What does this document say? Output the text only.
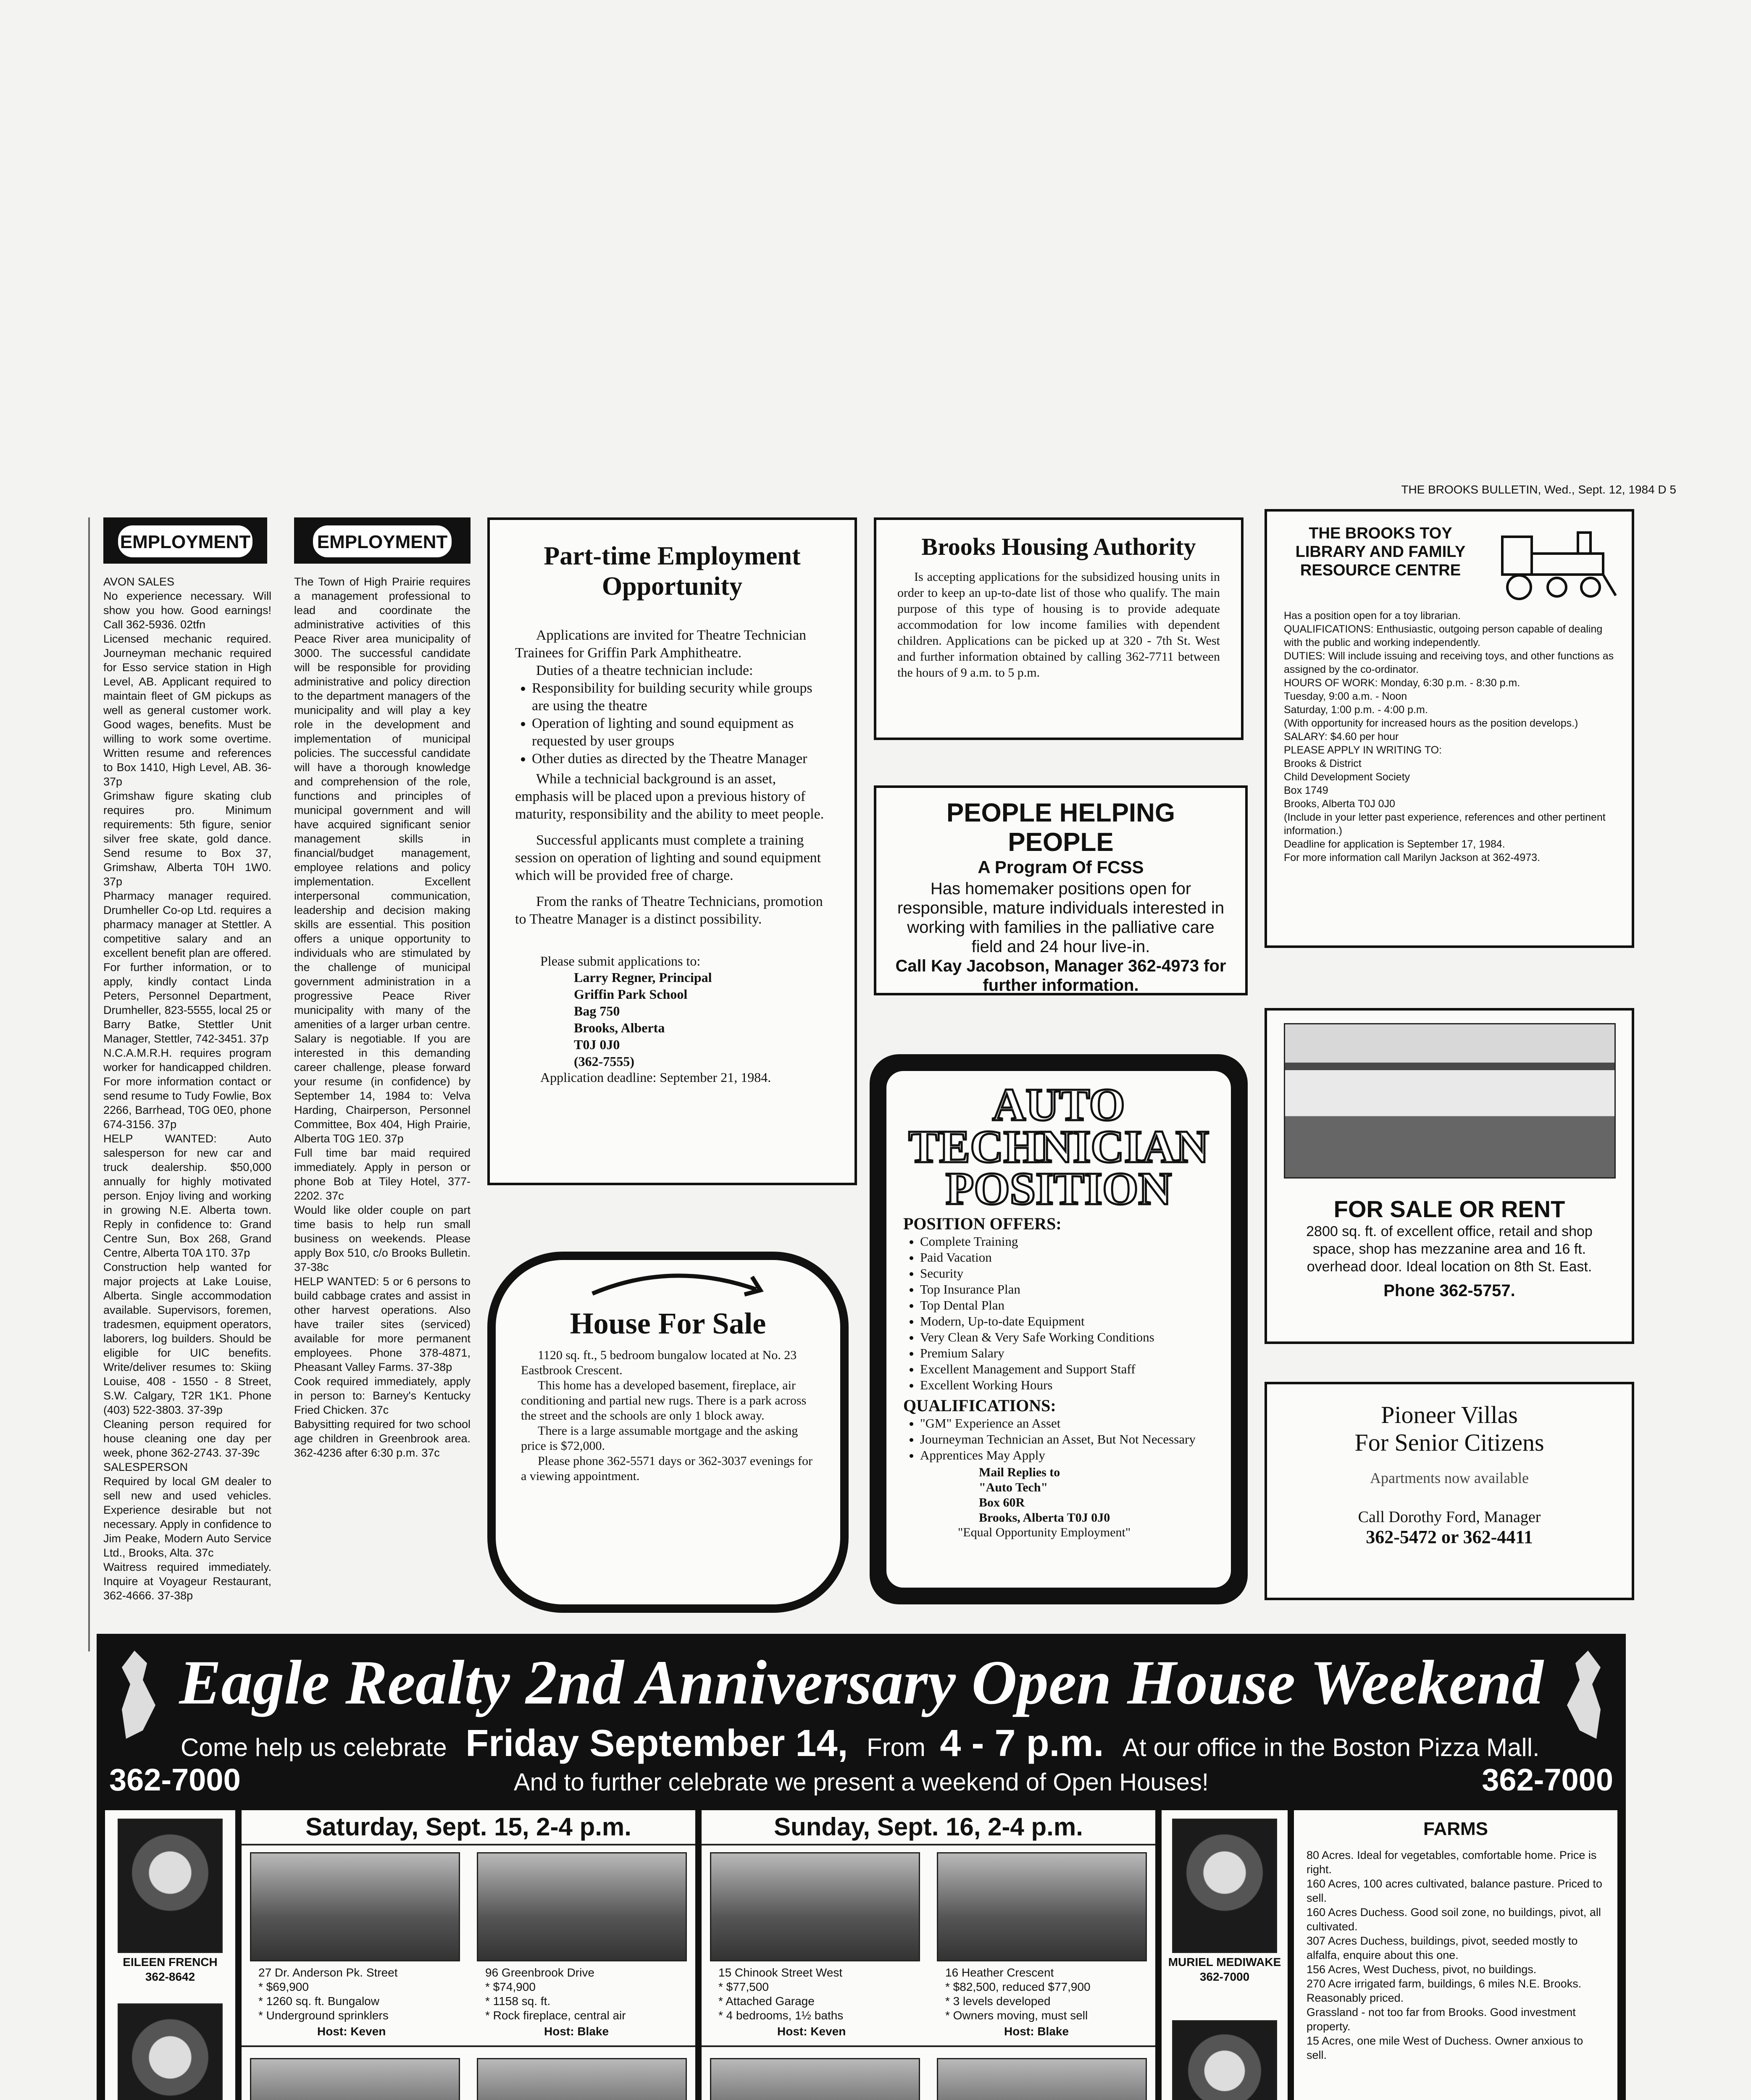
THE BROOKS BULLETIN, Wed., Sept. 12, 1984 D 5
EMPLOYMENT
AVON SALES
No experience necessary. Will show you how. Good earnings! Call 362-5936. 02tfn
Licensed mechanic required. Journeyman mechanic required for Esso service station in High Level, AB. Applicant required to maintain fleet of GM pickups as well as general customer work. Good wages, benefits. Must be willing to work some overtime. Written resume and references to Box 1410, High Level, AB. 36-37p
Grimshaw figure skating club requires pro. Minimum requirements: 5th figure, senior silver free skate, gold dance. Send resume to Box 37, Grimshaw, Alberta T0H 1W0. 37p
Pharmacy manager required. Drumheller Co-op Ltd. requires a pharmacy manager at Stettler. A competitive salary and an excellent benefit plan are offered. For further information, or to apply, kindly contact Linda Peters, Personnel Department, Drumheller, 823-5555, local 25 or Barry Batke, Stettler Unit Manager, Stettler, 742-3451. 37p
N.C.A.M.R.H. requires program worker for handicapped children. For more information contact or send resume to Tudy Fowlie, Box 2266, Barrhead, T0G 0E0, phone 674-3156. 37p
HELP WANTED: Auto salesperson for new car and truck dealership. $50,000 annually for highly motivated person. Enjoy living and working in growing N.E. Alberta town. Reply in confidence to: Grand Centre Sun, Box 268, Grand Centre, Alberta T0A 1T0. 37p
Construction help wanted for major projects at Lake Louise, Alberta. Single accommodation available. Supervisors, foremen, tradesmen, equipment operators, laborers, log builders. Should be eligible for UIC benefits. Write/deliver resumes to: Skiing Louise, 408 - 1550 - 8 Street, S.W. Calgary, T2R 1K1. Phone (403) 522-3803. 37-39p
Cleaning person required for house cleaning one day per week, phone 362-2743. 37-39c
SALESPERSON
Required by local GM dealer to sell new and used vehicles. Experience desirable but not necessary. Apply in confidence to Jim Peake, Modern Auto Service Ltd., Brooks, Alta. 37c
Waitress required immediately. Inquire at Voyageur Restaurant, 362-4666. 37-38p
EMPLOYMENT
The Town of High Prairie requires a management professional to lead and coordinate the administrative activities of this Peace River area municipality of 3000. The successful candidate will be responsible for providing administrative and policy direction to the department managers of the municipality and will play a key role in the development and implementation of municipal policies. The successful candidate will have a thorough knowledge and comprehension of the role, functions and principles of municipal government and will have acquired significant senior management skills in financial/budget management, employee relations and policy implementation. Excellent interpersonal communication, leadership and decision making skills are essential. This position offers a unique opportunity to individuals who are stimulated by the challenge of municipal government administration in a progressive Peace River municipality with many of the amenities of a larger urban centre. Salary is negotiable. If you are interested in this demanding career challenge, please forward your resume (in confidence) by September 14, 1984 to: Velva Harding, Chairperson, Personnel Committee, Box 404, High Prairie, Alberta T0G 1E0. 37p
Full time bar maid required immediately. Apply in person or phone Bob at Tiley Hotel, 377-2202. 37c
Would like older couple on part time basis to help run small business on weekends. Please apply Box 510, c/o Brooks Bulletin. 37-38c
HELP WANTED: 5 or 6 persons to build cabbage crates and assist in other harvest operations. Also have trailer sites (serviced) available for more permanent employees. Phone 378-4871, Pheasant Valley Farms. 37-38p
Cook required immediately, apply in person to: Barney's Kentucky Fried Chicken. 37c
Babysitting required for two school age children in Greenbrook area. 362-4236 after 6:30 p.m. 37c
Part-time Employment Opportunity
Applications are invited for Theatre Technician Trainees for Griffin Park Amphitheatre.
Duties of a theatre technician include:
• Responsibility for building security while groups are using the theatre
• Operation of lighting and sound equipment as requested by user groups
• Other duties as directed by the Theatre Manager
While a technicial background is an asset, emphasis will be placed upon a previous history of maturity, responsibility and the ability to meet people.
Successful applicants must complete a training session on operation of lighting and sound equipment which will be provided free of charge.
From the ranks of Theatre Technicians, promotion to Theatre Manager is a distinct possibility.
Please submit applications to:
Larry Regner, Principal
Griffin Park School
Bag 750
Brooks, Alberta
T0J 0J0
(362-7555)
Application deadline: September 21, 1984.
Brooks Housing Authority
Is accepting applications for the subsidized housing units in order to keep an up-to-date list of those who qualify. The main purpose of this type of housing is to provide adequate accommodation for low income families with dependent children. Applications can be picked up at 320 - 7th St. West and further information obtained by calling 362-7711 between the hours of 9 a.m. to 5 p.m.
THE BROOKS TOY LIBRARY AND FAMILY RESOURCE CENTRE
Has a position open for a toy librarian.
QUALIFICATIONS: Enthusiastic, outgoing person capable of dealing with the public and working independently.
DUTIES: Will include issuing and receiving toys, and other functions as assigned by the co-ordinator.
HOURS OF WORK: Monday, 6:30 p.m. - 8:30 p.m.
Tuesday, 9:00 a.m. - Noon
Saturday, 1:00 p.m. - 4:00 p.m.
(With opportunity for increased hours as the position develops.)
SALARY: $4.60 per hour
PLEASE APPLY IN WRITING TO:
Brooks & District
Child Development Society
Box 1749
Brooks, Alberta T0J 0J0
(Include in your letter past experience, references and other pertinent information.)
Deadline for application is September 17, 1984.
For more information call Marilyn Jackson at 362-4973.
PEOPLE HELPING PEOPLE
A Program Of FCSS
Has homemaker positions open for responsible, mature individuals interested in working with families in the palliative care field and 24 hour live-in.
Call Kay Jacobson, Manager 362-4973 for further information.
AUTO
TECHNICIAN
POSITION
POSITION OFFERS:
• Complete Training
• Paid Vacation
• Security
• Top Insurance Plan
• Top Dental Plan
• Modern, Up-to-date Equipment
• Very Clean & Very Safe Working Conditions
• Premium Salary
• Excellent Management and Support Staff
• Excellent Working Hours
QUALIFICATIONS:
• "GM" Experience an Asset
• Journeyman Technician an Asset, But Not Necessary
• Apprentices May Apply
Mail Replies to
"Auto Tech"
Box 60R
Brooks, Alberta T0J 0J0
"Equal Opportunity Employment"
House For Sale
1120 sq. ft., 5 bedroom bungalow located at No. 23 Eastbrook Crescent.
This home has a developed basement, fireplace, air conditioning and partial new rugs. There is a park across the street and the schools are only 1 block away.
There is a large assumable mortgage and the asking price is $72,000.
Please phone 362-5571 days or 362-3037 evenings for a viewing appointment.
FOR SALE OR RENT
2800 sq. ft. of excellent office, retail and shop space, shop has mezzanine area and 16 ft. overhead door. Ideal location on 8th St. East.
Phone 362-5757.
Pioneer Villas
For Senior Citizens
Apartments now available
Call Dorothy Ford, Manager
362-5472 or 362-4411
Eagle Realty 2nd Anniversary Open House Weekend
Come help us celebrate Friday September 14, From 4 - 7 p.m. At our office in the Boston Pizza Mall.
362-7000	362-7000
And to further celebrate we present a weekend of Open Houses!
EILEEN FRENCH
362-8642
Saturday, Sept. 15, 2-4 p.m.
27 Dr. Anderson Pk. Street
* $69,900
* 1260 sq. ft. Bungalow
* Underground sprinklers
Host: Keven
96 Greenbrook Drive
* $74,900
* 1158 sq. ft.
* Rock fireplace, central air
Host: Blake
Sunday, Sept. 16, 2-4 p.m.
15 Chinook Street West
* $77,500
* Attached Garage
* 4 bedrooms, 1½ baths
Host: Keven
16 Heather Crescent
* $82,500, reduced $77,900
* 3 levels developed
* Owners moving, must sell
Host: Blake
MURIEL MEDIWAKE
362-7000
FARMS
80 Acres. Ideal for vegetables, comfortable home. Price is right.
160 Acres, 100 acres cultivated, balance pasture. Priced to sell.
160 Acres Duchess. Good soil zone, no buildings, pivot, all cultivated.
307 Acres Duchess, buildings, pivot, seeded mostly to alfalfa, enquire about this one.
156 Acres, West Duchess, pivot, no buildings.
270 Acre irrigated farm, buildings, 6 miles N.E. Brooks. Reasonably priced.
Grassland - not too far from Brooks. Good investment property.
15 Acres, one mile West of Duchess. Owner anxious to sell.
